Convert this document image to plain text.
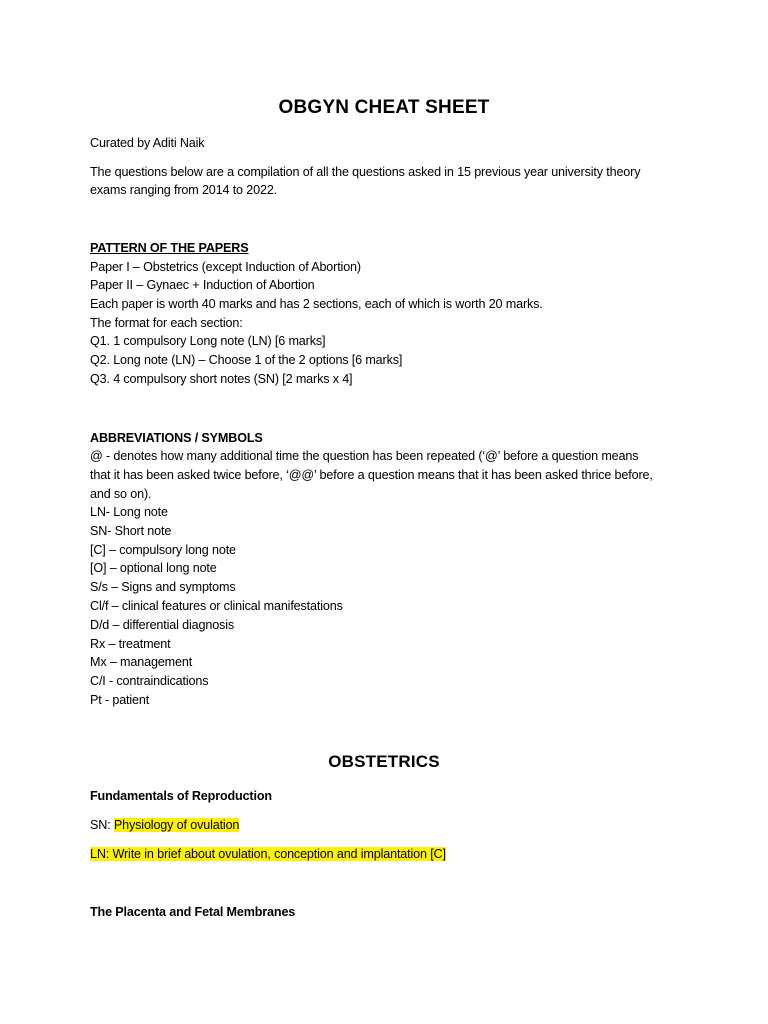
OBGYN CHEAT SHEET
Curated by Aditi Naik
The questions below are a compilation of all the questions asked in 15 previous year university theory
exams ranging from 2014 to 2022.
PATTERN OF THE PAPERS
Paper I – Obstetrics (except Induction of Abortion)
Paper II – Gynaec + Induction of Abortion
Each paper is worth 40 marks and has 2 sections, each of which is worth 20 marks.
The format for each section:
Q1. 1 compulsory Long note (LN) [6 marks]
Q2. Long note (LN) – Choose 1 of the 2 options [6 marks]
Q3. 4 compulsory short notes (SN) [2 marks x 4]
ABBREVIATIONS / SYMBOLS
@ - denotes how many additional time the question has been repeated (‘@’ before a question means
that it has been asked twice before, ‘@@’ before a question means that it has been asked thrice before,
and so on).
LN- Long note
SN- Short note
[C] – compulsory long note
[O] – optional long note
S/s – Signs and symptoms
Cl/f – clinical features or clinical manifestations
D/d – differential diagnosis
Rx – treatment
Mx – management
C/I - contraindications
Pt - patient
OBSTETRICS
Fundamentals of Reproduction
SN: Physiology of ovulation
LN: Write in brief about ovulation, conception and implantation [C]
The Placenta and Fetal Membranes
